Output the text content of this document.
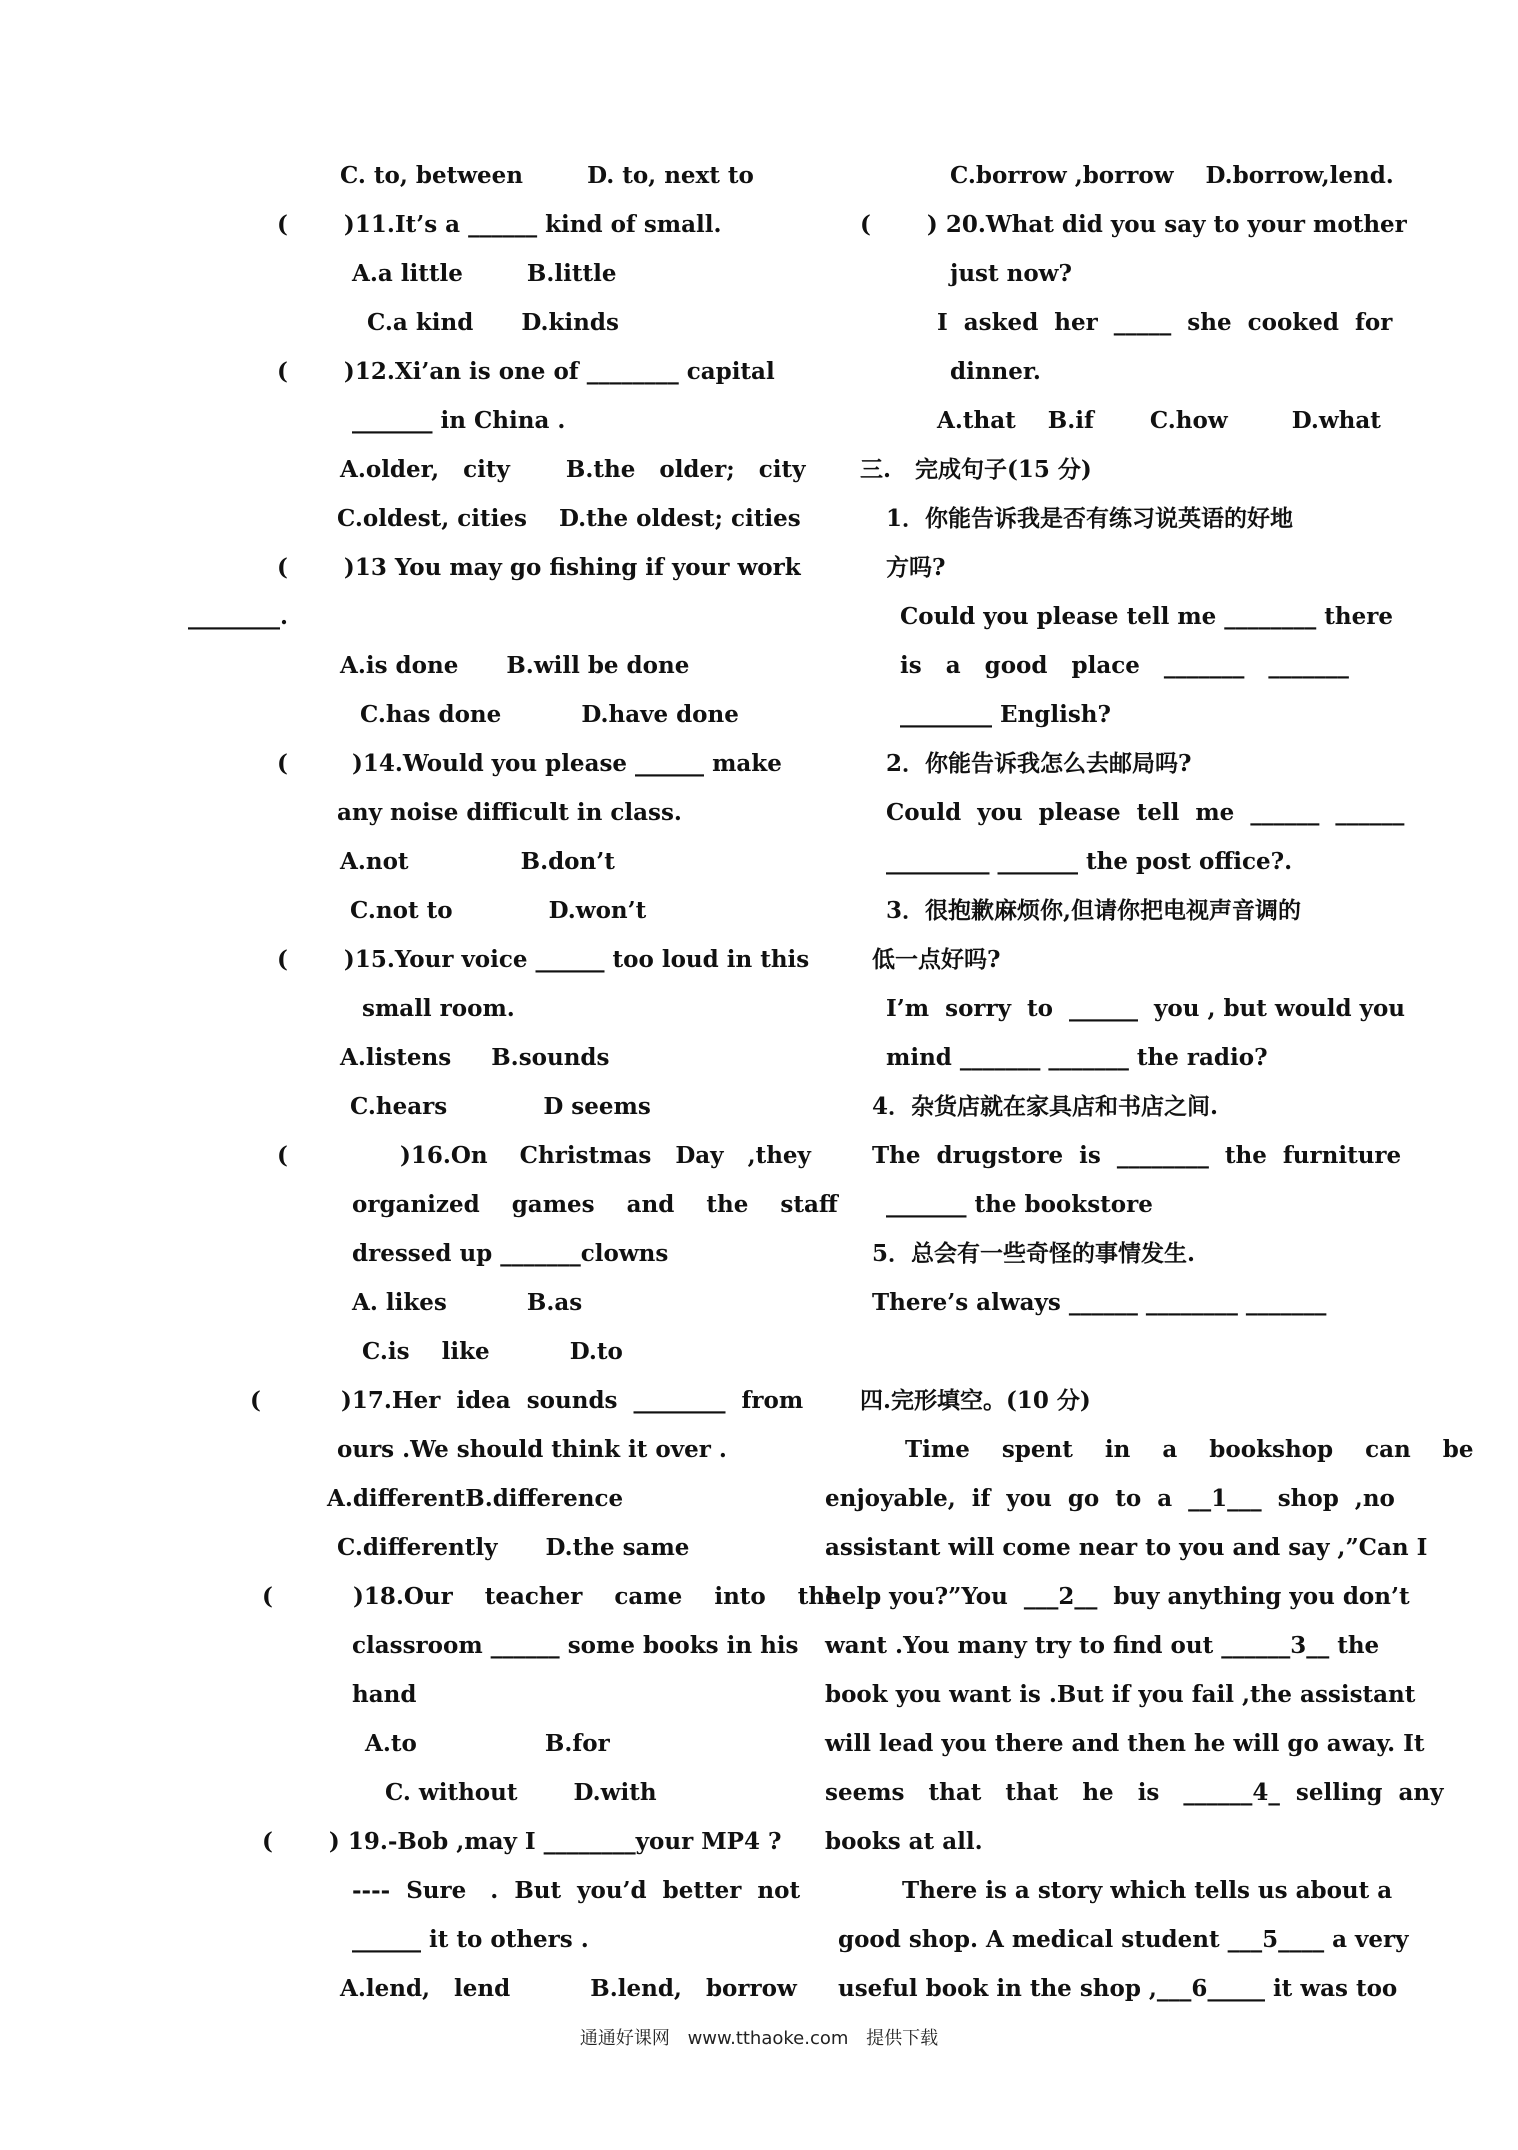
C. to, between        D. to, next to
(       )11.It’s a ______ kind of small.
A.a little        B.little
C.a kind      D.kinds
(       )12.Xi’an is one of ________ capital
_______ in China .
A.older,   city       B.the   older;   city
C.oldest, cities    D.the oldest; cities
(       )13 You may go fishing if your work
________.
A.is done      B.will be done
C.has done          D.have done
(        )14.Would you please ______ make
any noise difficult in class.
A.not              B.don’t
C.not to            D.won’t
(       )15.Your voice ______ too loud in this
small room.
A.listens     B.sounds
C.hears            D seems
(              )16.On    Christmas   Day   ,they
organized    games    and    the    staff
dressed up _______clowns
A. likes          B.as
C.is    like          D.to
(          )17.Her  idea  sounds  ________  from
ours .We should think it over .
A.differentB.difference
C.differently      D.the same
(          )18.Our    teacher    came    into    the
classroom ______ some books in his
hand
A.to                B.for
C. without       D.with
(       ) 19.-Bob ,may I ________your MP4 ?
----  Sure   .  But  you’d  better  not
______ it to others .
A.lend,   lend          B.lend,   borrow
C.borrow ,borrow    D.borrow,lend.
(       ) 20.What did you say to your mother
just now?
I  asked  her  _____  she  cooked  for
dinner.
A.that    B.if       C.how        D.what
三.   完成句子(15 分)
1．你能告诉我是否有练习说英语的好地
方吗?
Could you please tell me ________ there
is   a   good   place   _______   _______
________ English?
2．你能告诉我怎么去邮局吗?
Could  you  please  tell  me  ______  ______
_________ _______ the post office?.
3．很抱歉麻烦你,但请你把电视声音调的
低一点好吗?
I’m  sorry  to  ______  you , but would you
mind _______ _______ the radio?
4．杂货店就在家具店和书店之间.
The  drugstore  is  ________  the  furniture
_______ the bookstore
5．总会有一些奇怪的事情发生.
There’s always ______ ________ _______
四.完形填空。(10 分)
Time    spent    in    a    bookshop    can    be
enjoyable,  if  you  go  to  a  __1___  shop  ,no
assistant will come near to you and say ,”Can I
help you?”You  ___2__  buy anything you don’t
want .You many try to find out ______3__ the
book you want is .But if you fail ,the assistant
will lead you there and then he will go away. It
seems   that   that   he   is   ______4_  selling  any
books at all.
There is a story which tells us about a
good shop. A medical student ___5____ a very
useful book in the shop ,___6_____ it was too
通通好课网 www.tthaoke.com 提供下载
